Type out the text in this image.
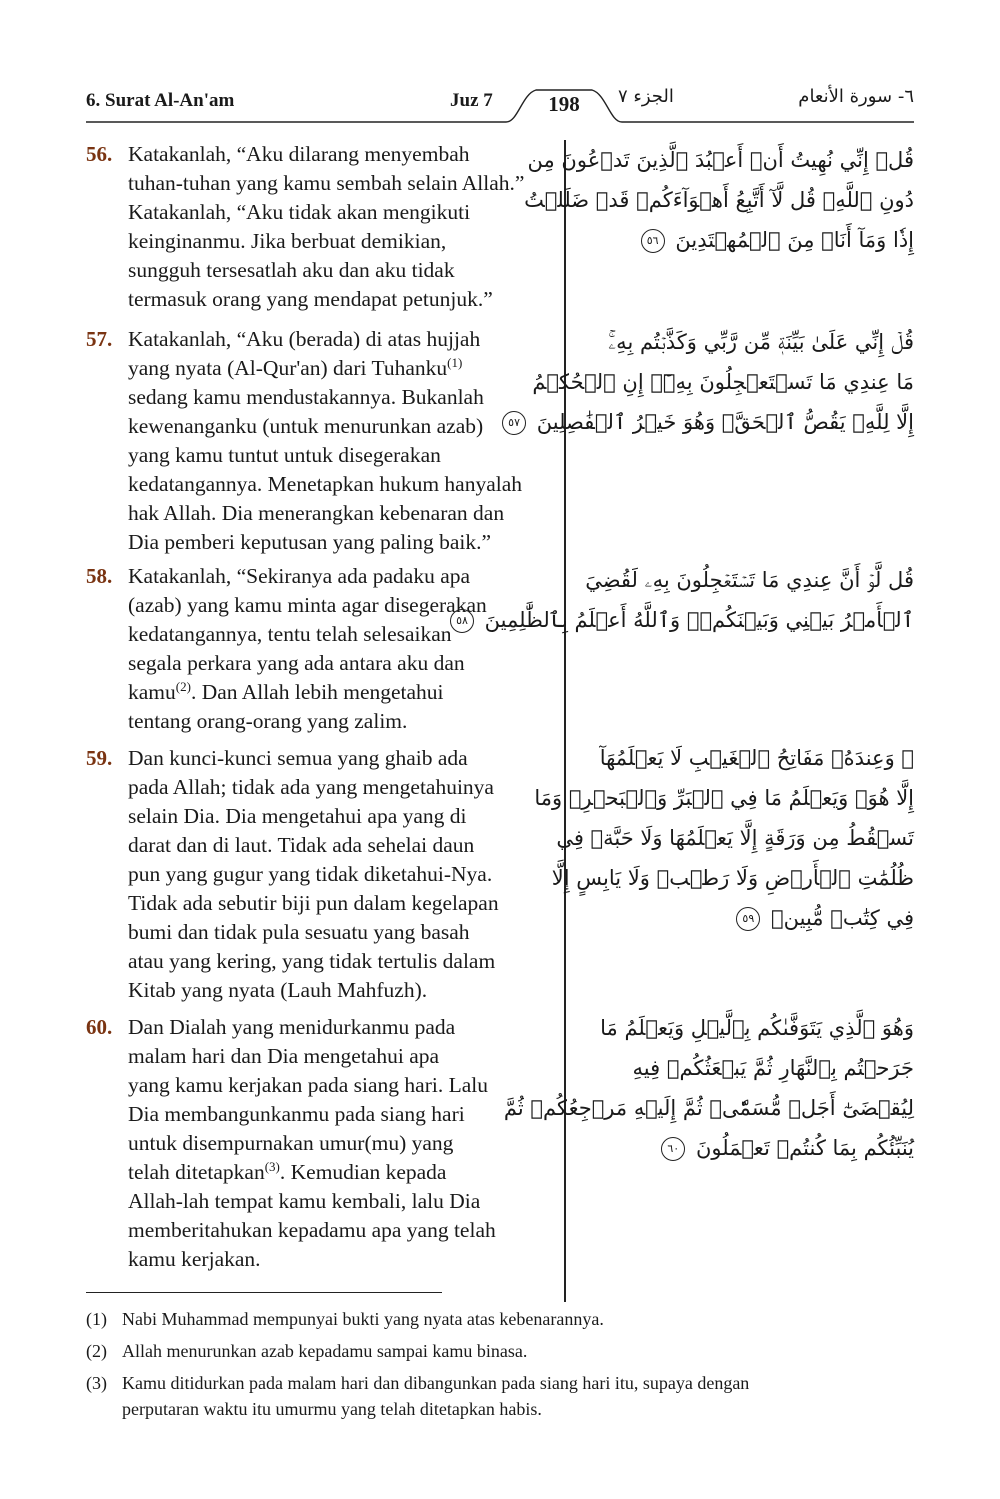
6. Surat Al-An'am	Juz 7	198	الجزء ٧	٦- سورة الأنعام
56. Katakanlah, “Aku dilarang menyembah
tuhan-tuhan yang kamu sembah selain Allah.”
Katakanlah, “Aku tidak akan mengikuti
keinginanmu. Jika berbuat demikian,
sungguh tersesatlah aku dan aku tidak
termasuk orang yang mendapat petunjuk.”
قُلۡ إِنِّي نُهِيتُ أَنۡ أَعۡبُدَ ٱلَّذِينَ تَدۡعُونَ مِن
دُونِ ٱللَّهِۚ قُل لَّآ أَتَّبِعُ أَهۡوَآءَكُمۡ قَدۡ ضَلَلۡتُ
إِذٗا وَمَآ أَنَا۠ مِنَ ٱلۡمُهۡتَدِينَ ٥٦
57. Katakanlah, “Aku (berada) di atas hujjah
yang nyata (Al-Qur'an) dari Tuhanku$^{(1)}$
sedang kamu mendustakannya. Bukanlah
kewenanganku (untuk menurunkan azab)
yang kamu tuntut untuk disegerakan
kedatangannya. Menetapkan hukum hanyalah
hak Allah. Dia menerangkan kebenaran dan
Dia pemberi keputusan yang paling baik.”
قُلۡ إِنِّي عَلَىٰ بَيِّنَةٖ مِّن رَّبِّي وَكَذَّبۡتُم بِهِۦۚ
مَا عِندِي مَا تَسۡتَعۡجِلُونَ بِهِۦٓۚ إِنِ ٱلۡحُكۡمُ
إِلَّا لِلَّهِۖ يَقُصُّ ٱلۡحَقَّۖ وَهُوَ خَيۡرُ ٱلۡفَٰصِلِينَ ٥٧
58. Katakanlah, “Sekiranya ada padaku apa
(azab) yang kamu minta agar disegerakan
kedatangannya, tentu telah selesaikan
segala perkara yang ada antara aku dan
kamu$^{(2)}$. Dan Allah lebih mengetahui
tentang orang-orang yang zalim.
قُل لَّوۡ أَنَّ عِندِي مَا تَسۡتَعۡجِلُونَ بِهِۦ لَقُضِيَ
ٱلۡأَمۡرُ بَيۡنِي وَبَيۡنَكُمۡۗ وَٱللَّهُ أَعۡلَمُ بِٱلظَّٰلِمِينَ ٥٨
59. Dan kunci-kunci semua yang ghaib ada
pada Allah; tidak ada yang mengetahuinya
selain Dia. Dia mengetahui apa yang di
darat dan di laut. Tidak ada sehelai daun
pun yang gugur yang tidak diketahui-Nya.
Tidak ada sebutir biji pun dalam kegelapan
bumi dan tidak pula sesuatu yang basah
atau yang kering, yang tidak tertulis dalam
Kitab yang nyata (Lauh Mahfuzh).
۞ وَعِندَهُۥ مَفَاتِحُ ٱلۡغَيۡبِ لَا يَعۡلَمُهَآ
إِلَّا هُوَۚ وَيَعۡلَمُ مَا فِي ٱلۡبَرِّ وَٱلۡبَحۡرِۚ وَمَا
تَسۡقُطُ مِن وَرَقَةٍ إِلَّا يَعۡلَمُهَا وَلَا حَبَّةٖ فِي
ظُلُمَٰتِ ٱلۡأَرۡضِ وَلَا رَطۡبٖ وَلَا يَابِسٍ إِلَّا
فِي كِتَٰبٖ مُّبِينٖ ٥٩
60. Dan Dialah yang menidurkanmu pada
malam hari dan Dia mengetahui apa
yang kamu kerjakan pada siang hari. Lalu
Dia membangunkanmu pada siang hari
untuk disempurnakan umur(mu) yang
telah ditetapkan$^{(3)}$. Kemudian kepada
Allah-lah tempat kamu kembali, lalu Dia
memberitahukan kepadamu apa yang telah
kamu kerjakan.
وَهُوَ ٱلَّذِي يَتَوَفَّىٰكُم بِٱلَّيۡلِ وَيَعۡلَمُ مَا
جَرَحۡتُم بِٱلنَّهَارِ ثُمَّ يَبۡعَثُكُمۡ فِيهِ
لِيُقۡضَىٰٓ أَجَلٞ مُّسَمّٗىۖ ثُمَّ إِلَيۡهِ مَرۡجِعُكُمۡ ثُمَّ
يُنَبِّئُكُم بِمَا كُنتُمۡ تَعۡمَلُونَ ٦٠
(1) Nabi Muhammad mempunyai bukti yang nyata atas kebenarannya.
(2) Allah menurunkan azab kepadamu sampai kamu binasa.
(3) Kamu ditidurkan pada malam hari dan dibangunkan pada siang hari itu, supaya dengan
perputaran waktu itu umurmu yang telah ditetapkan habis.
